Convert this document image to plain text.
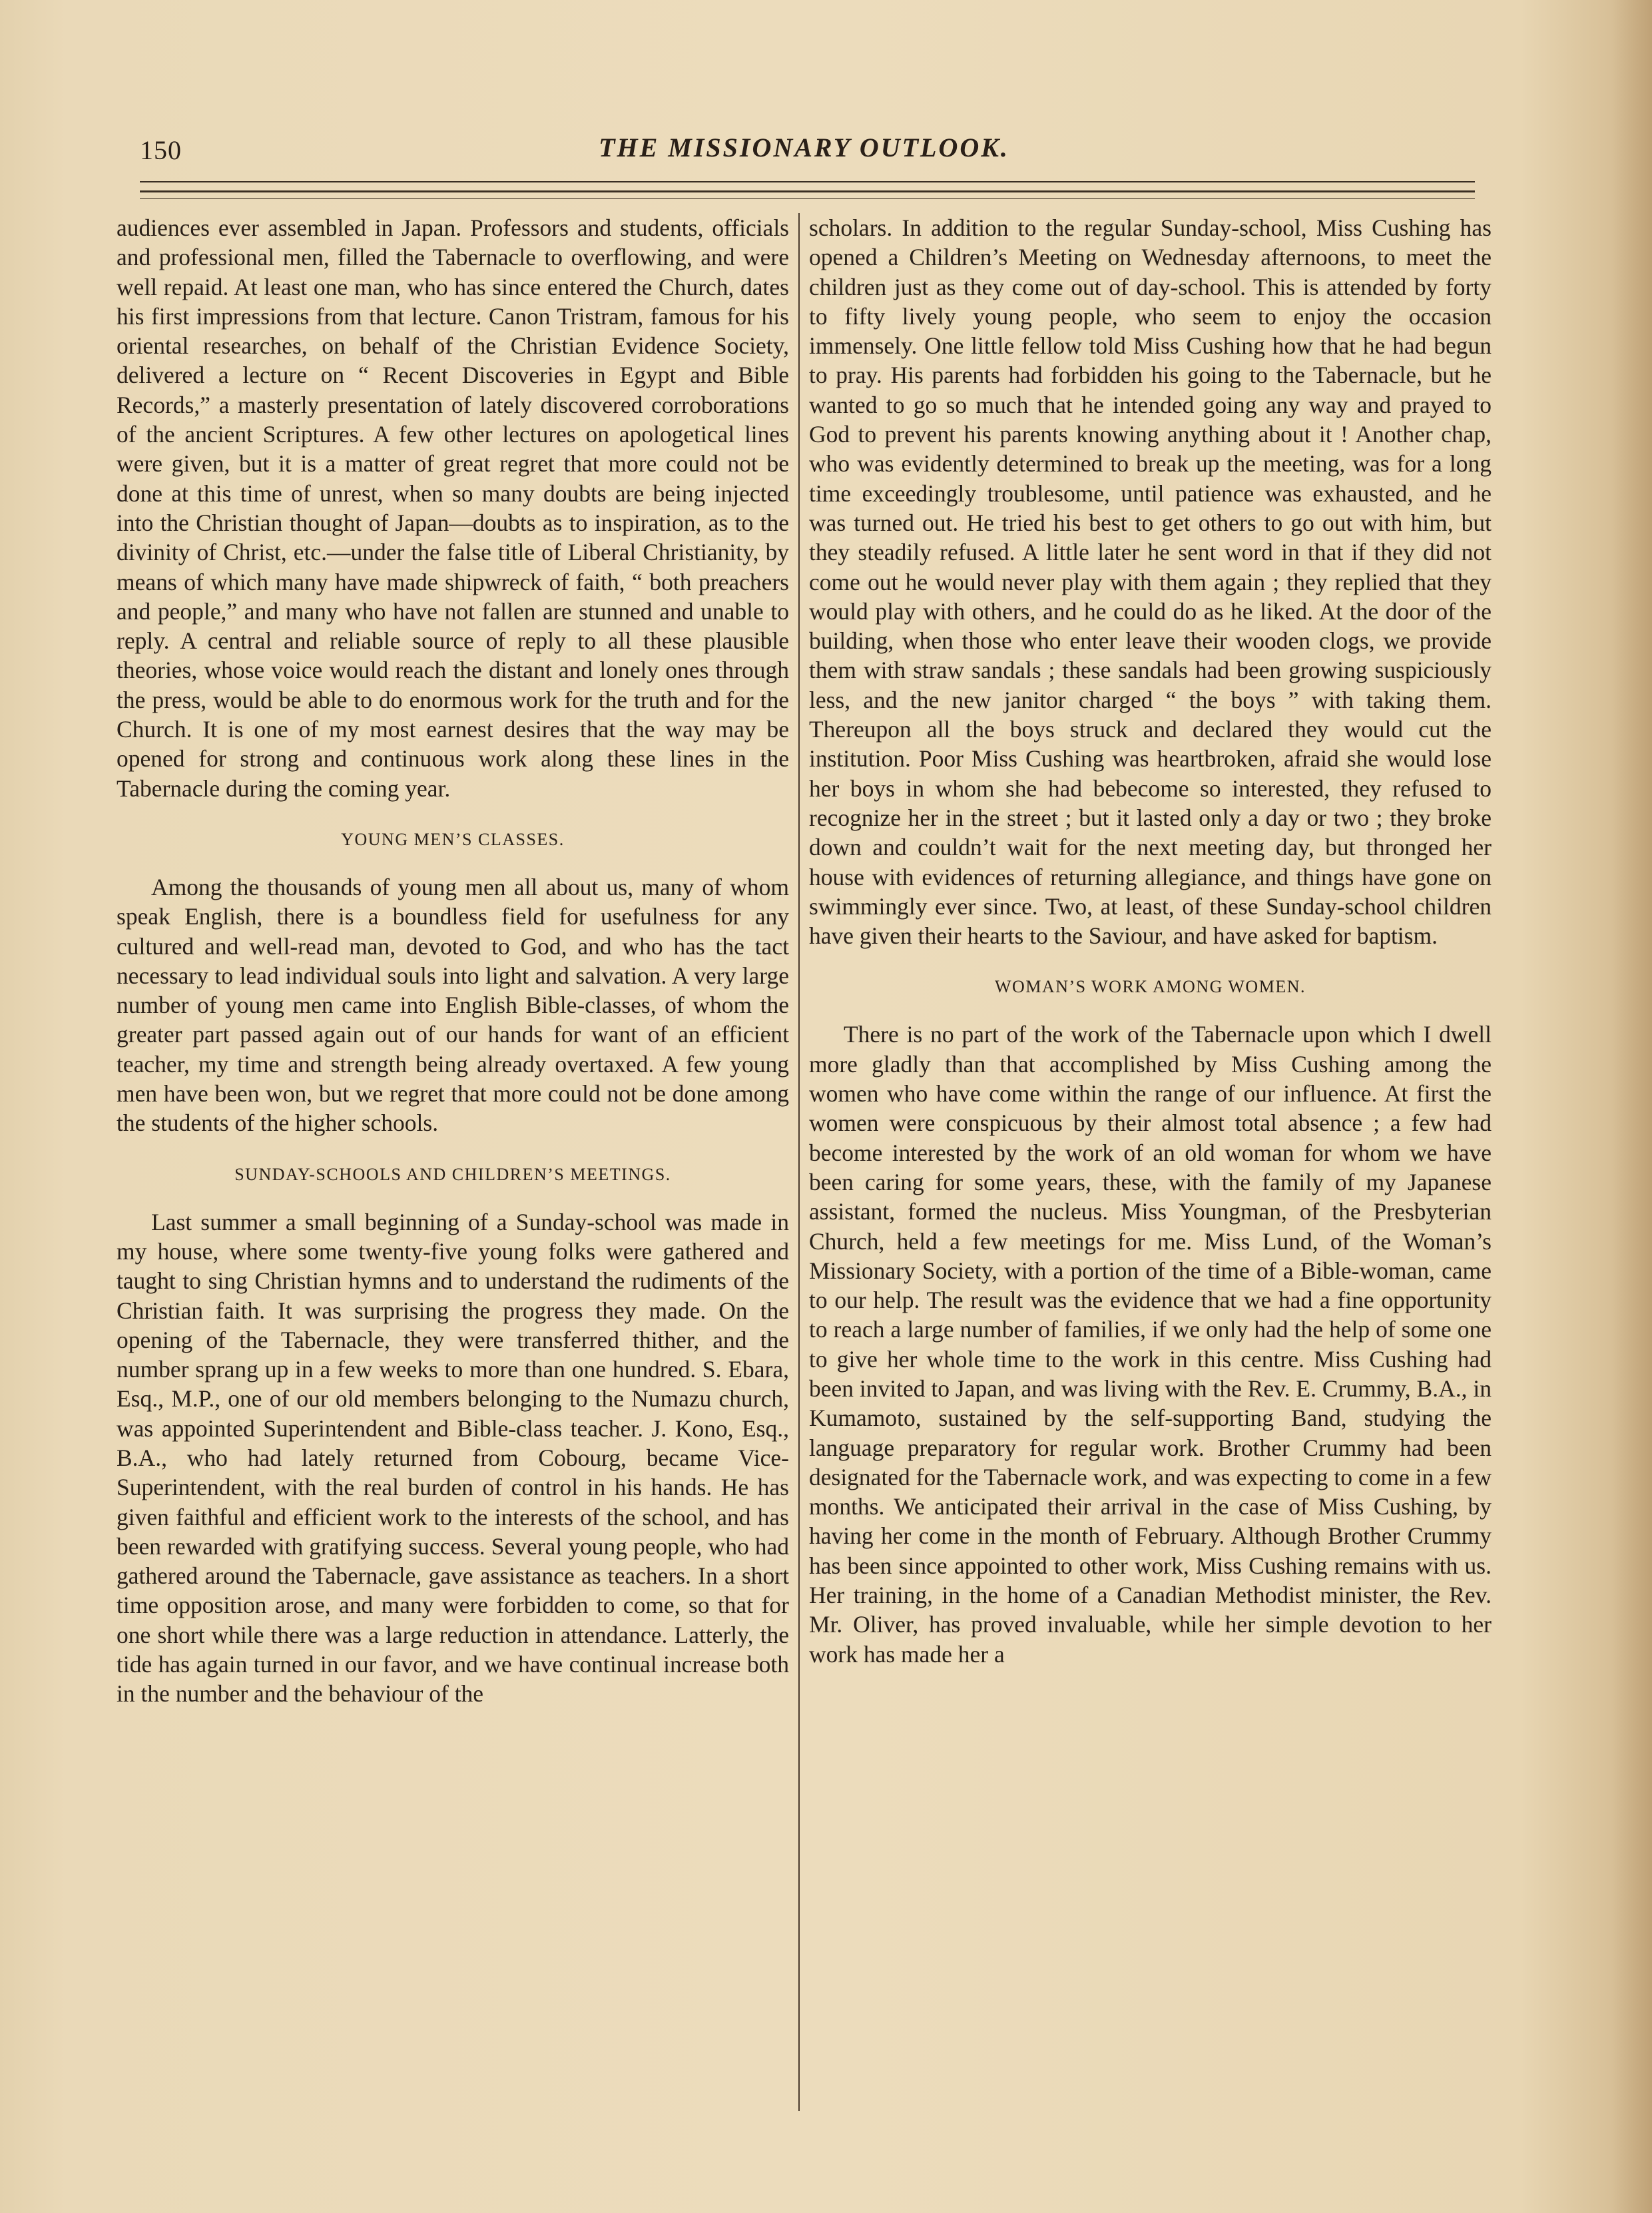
150	THE MISSIONARY OUTLOOK.

audiences ever assembled in Japan. Professors and students, officials and professional men, filled the Tabernacle to overflowing, and were well repaid. At least one man, who has since entered the Church, dates his first impressions from that lecture. Canon Tristram, famous for his oriental researches, on behalf of the Christian Evidence Society, delivered a lecture on “ Recent Discoveries in Egypt and Bible Records,” a masterly presentation of lately discovered corroborations of the ancient Scriptures. A few other lectures on apologetical lines were given, but it is a matter of great regret that more could not be done at this time of unrest, when so many doubts are being injected into the Christian thought of Japan—doubts as to inspiration, as to the divinity of Christ, etc.—under the false title of Liberal Christianity, by means of which many have made shipwreck of faith, “ both preachers and people,” and many who have not fallen are stunned and unable to reply. A central and reliable source of reply to all these plausible theories, whose voice would reach the distant and lonely ones through the press, would be able to do enormous work for the truth and for the Church. It is one of my most earnest desires that the way may be opened for strong and continuous work along these lines in the Tabernacle during the coming year.

YOUNG MEN’S CLASSES.

Among the thousands of young men all about us, many of whom speak English, there is a boundless field for usefulness for any cultured and well-read man, devoted to God, and who has the tact necessary to lead individual souls into light and salvation. A very large number of young men came into English Bible-classes, of whom the greater part passed again out of our hands for want of an efficient teacher, my time and strength being already overtaxed. A few young men have been won, but we regret that more could not be done among the students of the higher schools.

SUNDAY-SCHOOLS AND CHILDREN’S MEETINGS.

Last summer a small beginning of a Sunday-school was made in my house, where some twenty-five young folks were gathered and taught to sing Christian hymns and to understand the rudiments of the Christian faith. It was surprising the progress they made. On the opening of the Tabernacle, they were transferred thither, and the number sprang up in a few weeks to more than one hundred. S. Ebara, Esq., M.P., one of our old members belonging to the Numazu church, was appointed Superintendent and Bible-class teacher. J. Kono, Esq., B.A., who had lately returned from Cobourg, became Vice-Superintendent, with the real burden of control in his hands. He has given faithful and efficient work to the interests of the school, and has been rewarded with gratifying success. Several young people, who had gathered around the Tabernacle, gave assistance as teachers. In a short time opposition arose, and many were forbidden to come, so that for one short while there was a large reduction in attendance. Latterly, the tide has again turned in our favor, and we have continual increase both in the number and the behaviour of the

scholars. In addition to the regular Sunday-school, Miss Cushing has opened a Children’s Meeting on Wednesday afternoons, to meet the children just as they come out of day-school. This is attended by forty to fifty lively young people, who seem to enjoy the occasion immensely. One little fellow told Miss Cushing how that he had begun to pray. His parents had forbidden his going to the Tabernacle, but he wanted to go so much that he intended going any way and prayed to God to prevent his parents knowing anything about it ! Another chap, who was evidently determined to break up the meeting, was for a long time exceedingly troublesome, until patience was exhausted, and he was turned out. He tried his best to get others to go out with him, but they steadily refused. A little later he sent word in that if they did not come out he would never play with them again ; they replied that they would play with others, and he could do as he liked. At the door of the building, when those who enter leave their wooden clogs, we provide them with straw sandals ; these sandals had been growing suspiciously less, and the new janitor charged “ the boys ” with taking them. Thereupon all the boys struck and declared they would cut the institution. Poor Miss Cushing was heartbroken, afraid she would lose her boys in whom she had bebecome so interested, they refused to recognize her in the street ; but it lasted only a day or two ; they broke down and couldn’t wait for the next meeting day, but thronged her house with evidences of returning allegiance, and things have gone on swimmingly ever since. Two, at least, of these Sunday-school children have given their hearts to the Saviour, and have asked for baptism.

WOMAN’S WORK AMONG WOMEN.

There is no part of the work of the Tabernacle upon which I dwell more gladly than that accomplished by Miss Cushing among the women who have come within the range of our influence. At first the women were conspicuous by their almost total absence ; a few had become interested by the work of an old woman for whom we have been caring for some years, these, with the family of my Japanese assistant, formed the nucleus. Miss Youngman, of the Presbyterian Church, held a few meetings for me. Miss Lund, of the Woman’s Missionary Society, with a portion of the time of a Bible-woman, came to our help. The result was the evidence that we had a fine opportunity to reach a large number of families, if we only had the help of some one to give her whole time to the work in this centre. Miss Cushing had been invited to Japan, and was living with the Rev. E. Crummy, B.A., in Kumamoto, sustained by the self-supporting Band, studying the language preparatory for regular work. Brother Crummy had been designated for the Tabernacle work, and was expecting to come in a few months. We anticipated their arrival in the case of Miss Cushing, by having her come in the month of February. Although Brother Crummy has been since appointed to other work, Miss Cushing remains with us. Her training, in the home of a Canadian Methodist minister, the Rev. Mr. Oliver, has proved invaluable, while her simple devotion to her work has made her a
